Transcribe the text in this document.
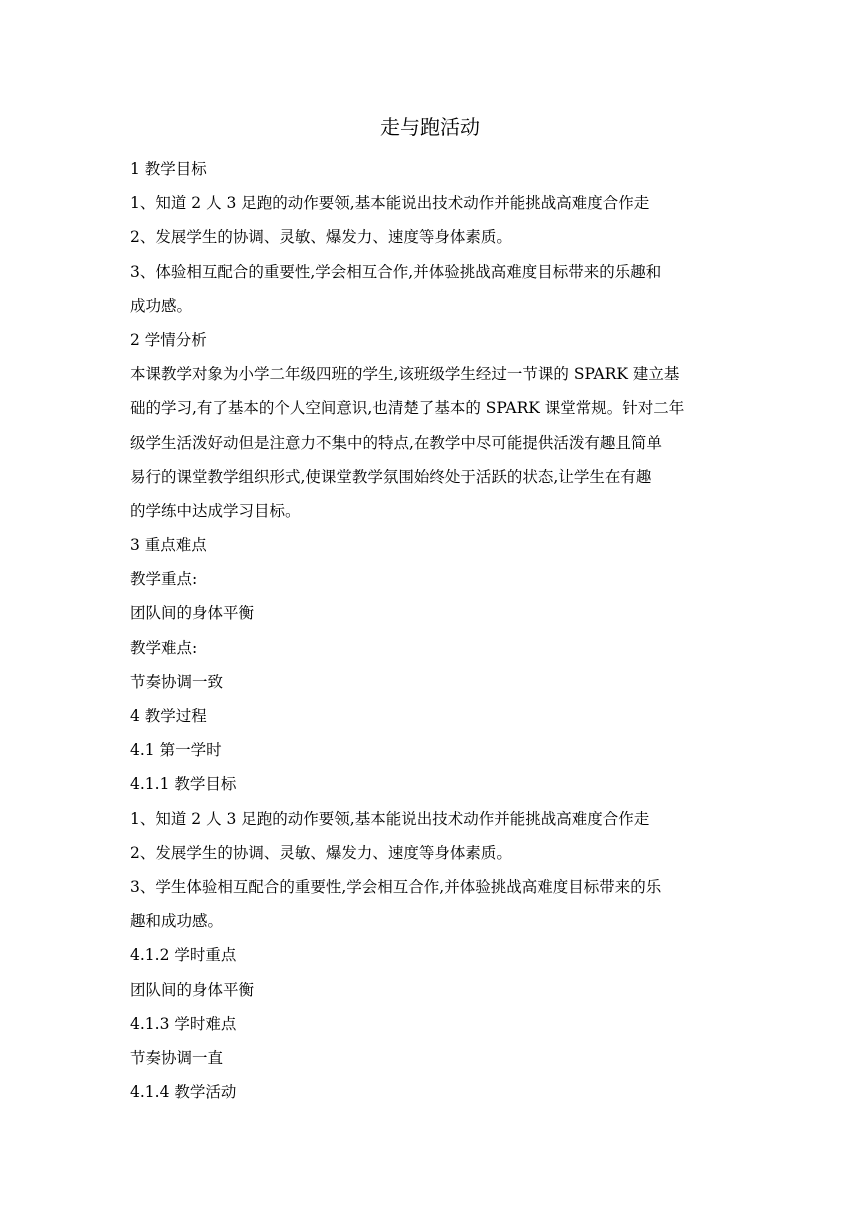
走与跑活动

1 教学目标

1、知道 2 人 3 足跑的动作要领,基本能说出技术动作并能挑战高难度合作走

2、发展学生的协调、灵敏、爆发力、速度等身体素质。

3、体验相互配合的重要性,学会相互合作,并体验挑战高难度目标带来的乐趣和

成功感。

2 学情分析

本课教学对象为小学二年级四班的学生,该班级学生经过一节课的 SPARK 建立基

础的学习,有了基本的个人空间意识,也清楚了基本的 SPARK 课堂常规。针对二年

级学生活泼好动但是注意力不集中的特点,在教学中尽可能提供活泼有趣且简单

易行的课堂教学组织形式,使课堂教学氛围始终处于活跃的状态,让学生在有趣

的学练中达成学习目标。

3 重点难点

教学重点:

团队间的身体平衡

教学难点:

节奏协调一致

4 教学过程

4.1 第一学时

4.1.1 教学目标

1、知道 2 人 3 足跑的动作要领,基本能说出技术动作并能挑战高难度合作走

2、发展学生的协调、灵敏、爆发力、速度等身体素质。

3、学生体验相互配合的重要性,学会相互合作,并体验挑战高难度目标带来的乐

趣和成功感。

4.1.2 学时重点

团队间的身体平衡

4.1.3 学时难点

节奏协调一直

4.1.4 教学活动
